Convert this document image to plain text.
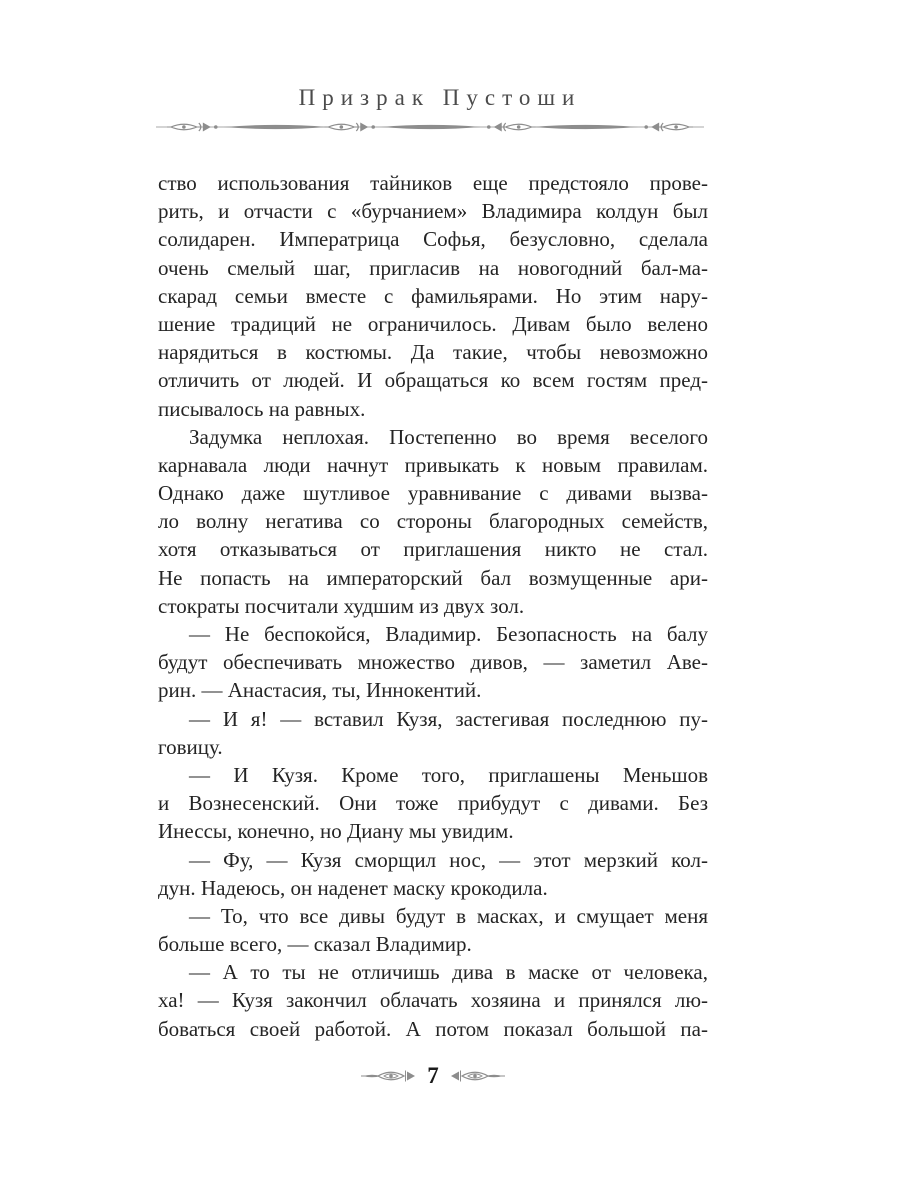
Призрак Пустоши
ство использования тайников еще предстояло прове-
рить, и отчасти с «бурчанием» Владимира колдун был
солидарен. Императрица Софья, безусловно, сделала
очень смелый шаг, пригласив на новогодний бал-ма-
скарад семьи вместе с фамильярами. Но этим нару-
шение традиций не ограничилось. Дивам было велено
нарядиться в костюмы. Да такие, чтобы невозможно
отличить от людей. И обращаться ко всем гостям пред-
писывалось на равных.
Задумка неплохая. Постепенно во время веселого
карнавала люди начнут привыкать к новым правилам.
Однако даже шутливое уравнивание с дивами вызва-
ло волну негатива со стороны благородных семейств,
хотя отказываться от приглашения никто не стал.
Не попасть на императорский бал возмущенные ари-
стократы посчитали худшим из двух зол.
— Не беспокойся, Владимир. Безопасность на балу
будут обеспечивать множество дивов, — заметил Аве-
рин. — Анастасия, ты, Иннокентий.
— И я! — вставил Кузя, застегивая последнюю пу-
говицу.
— И Кузя. Кроме того, приглашены Меньшов
и Вознесенский. Они тоже прибудут с дивами. Без
Инессы, конечно, но Диану мы увидим.
— Фу, — Кузя сморщил нос, — этот мерзкий кол-
дун. Надеюсь, он наденет маску крокодила.
— То, что все дивы будут в масках, и смущает меня
больше всего, — сказал Владимир.
— А то ты не отличишь дива в маске от человека,
ха! — Кузя закончил облачать хозяина и принялся лю-
боваться своей работой. А потом показал большой па-
7
